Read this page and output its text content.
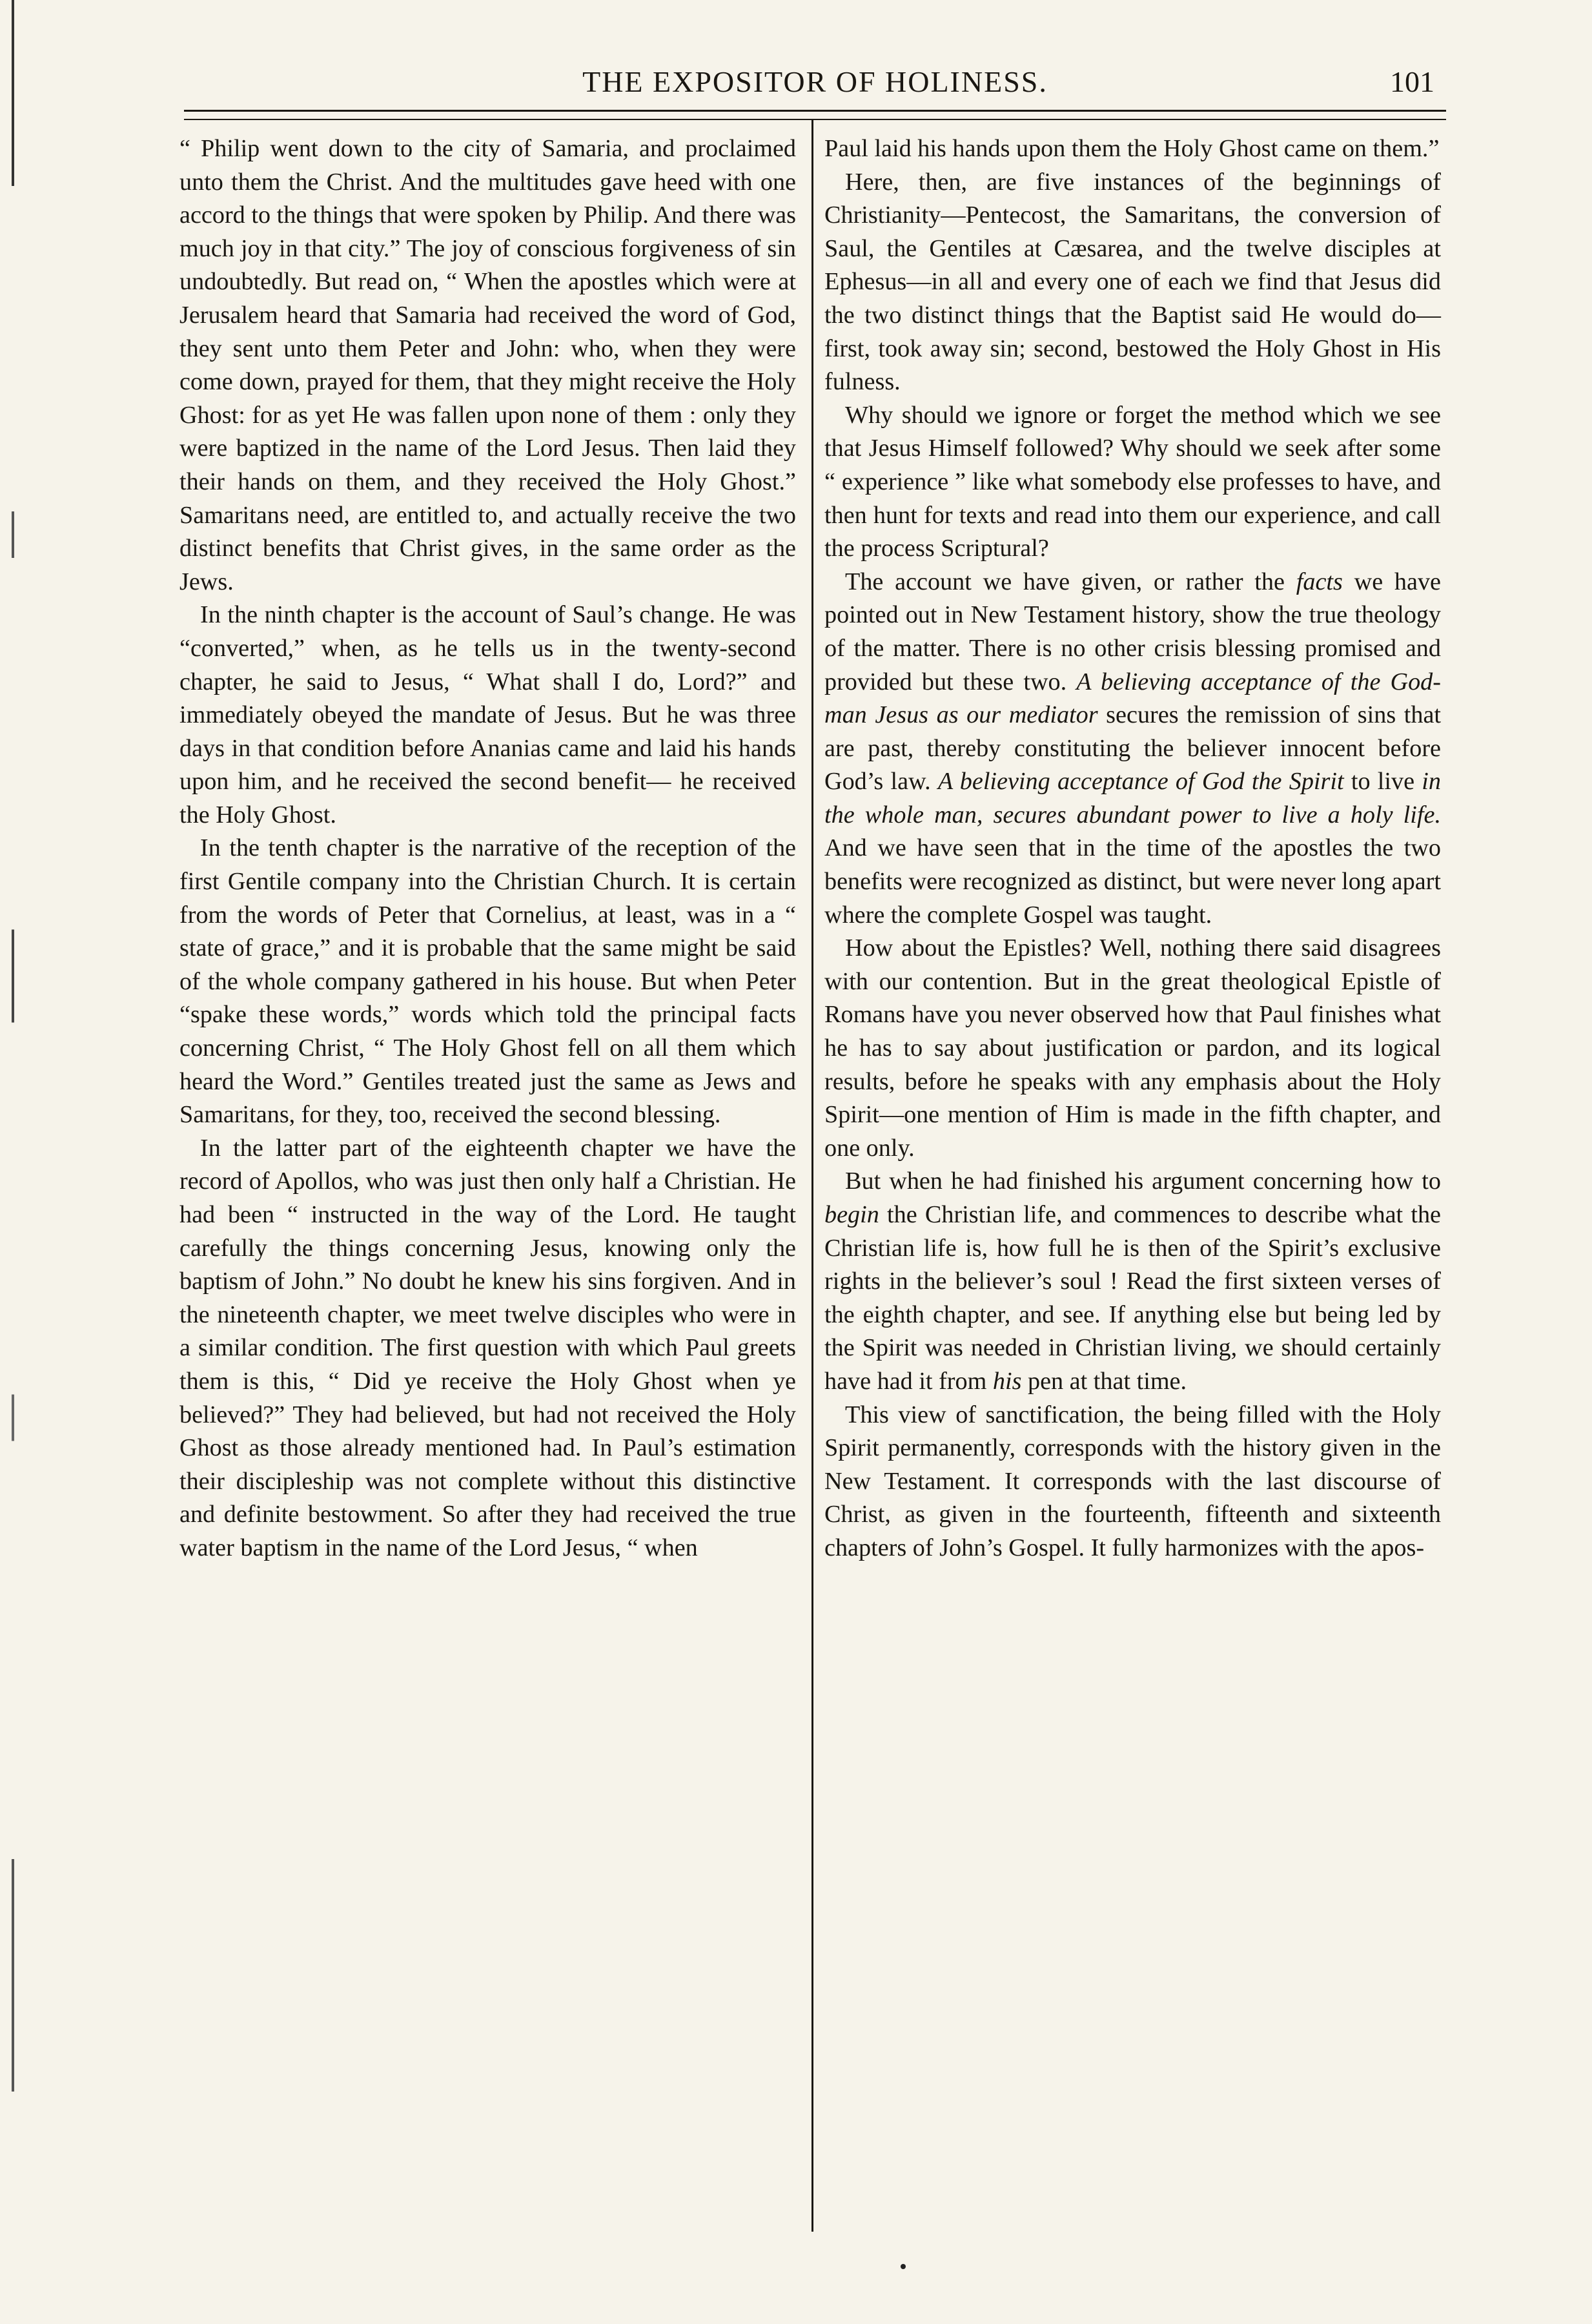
THE EXPOSITOR OF HOLINESS.	101

“ Philip went down to the city of Samaria, and proclaimed unto them the Christ. And the multitudes gave heed with one accord to the things that were spoken by Philip. And there was much joy in that city.” The joy of conscious forgiveness of sin undoubtedly. But read on, “ When the apostles which were at Jerusalem heard that Samaria had received the word of God, they sent unto them Peter and John: who, when they were come down, prayed for them, that they might receive the Holy Ghost: for as yet He was fallen upon none of them : only they were baptized in the name of the Lord Jesus. Then laid they their hands on them, and they received the Holy Ghost.” Samaritans need, are entitled to, and actually receive the two distinct benefits that Christ gives, in the same order as the Jews.

In the ninth chapter is the account of Saul’s change. He was “converted,” when, as he tells us in the twenty-second chapter, he said to Jesus, “ What shall I do, Lord?” and immediately obeyed the mandate of Jesus. But he was three days in that condition before Ananias came and laid his hands upon him, and he received the second benefit— he received the Holy Ghost.

In the tenth chapter is the narrative of the reception of the first Gentile company into the Christian Church. It is certain from the words of Peter that Cornelius, at least, was in a “ state of grace,” and it is probable that the same might be said of the whole company gathered in his house. But when Peter “spake these words,” words which told the principal facts concerning Christ, “ The Holy Ghost fell on all them which heard the Word.” Gentiles treated just the same as Jews and Samaritans, for they, too, received the second blessing.

In the latter part of the eighteenth chapter we have the record of Apollos, who was just then only half a Christian. He had been “ instructed in the way of the Lord. He taught carefully the things concerning Jesus, knowing only the baptism of John.” No doubt he knew his sins forgiven. And in the nineteenth chapter, we meet twelve disciples who were in a similar condition. The first question with which Paul greets them is this, “ Did ye receive the Holy Ghost when ye believed?” They had believed, but had not received the Holy Ghost as those already mentioned had. In Paul’s estimation their discipleship was not complete without this distinctive and definite bestowment. So after they had received the true water baptism in the name of the Lord Jesus, “ when

Paul laid his hands upon them the Holy Ghost came on them.”

Here, then, are five instances of the beginnings of Christianity—Pentecost, the Samaritans, the conversion of Saul, the Gentiles at Cæsarea, and the twelve disciples at Ephesus—in all and every one of each we find that Jesus did the two distinct things that the Baptist said He would do—first, took away sin; second, bestowed the Holy Ghost in His fulness.

Why should we ignore or forget the method which we see that Jesus Himself followed? Why should we seek after some “ experience ” like what somebody else professes to have, and then hunt for texts and read into them our experience, and call the process Scriptural?

The account we have given, or rather the facts we have pointed out in New Testament history, show the true theology of the matter. There is no other crisis blessing promised and provided but these two. A believing acceptance of the God-man Jesus as our mediator secures the remission of sins that are past, thereby constituting the believer innocent before God’s law. A believing acceptance of God the Spirit to live in the whole man, secures abundant power to live a holy life. And we have seen that in the time of the apostles the two benefits were recognized as distinct, but were never long apart where the complete Gospel was taught.

How about the Epistles? Well, nothing there said disagrees with our contention. But in the great theological Epistle of Romans have you never observed how that Paul finishes what he has to say about justification or pardon, and its logical results, before he speaks with any emphasis about the Holy Spirit—one mention of Him is made in the fifth chapter, and one only.

But when he had finished his argument concerning how to begin the Christian life, and commences to describe what the Christian life is, how full he is then of the Spirit’s exclusive rights in the believer’s soul ! Read the first sixteen verses of the eighth chapter, and see. If anything else but being led by the Spirit was needed in Christian living, we should certainly have had it from his pen at that time.

This view of sanctification, the being filled with the Holy Spirit permanently, corresponds with the history given in the New Testament. It corresponds with the last discourse of Christ, as given in the fourteenth, fifteenth and sixteenth chapters of John’s Gospel. It fully harmonizes with the apos-
